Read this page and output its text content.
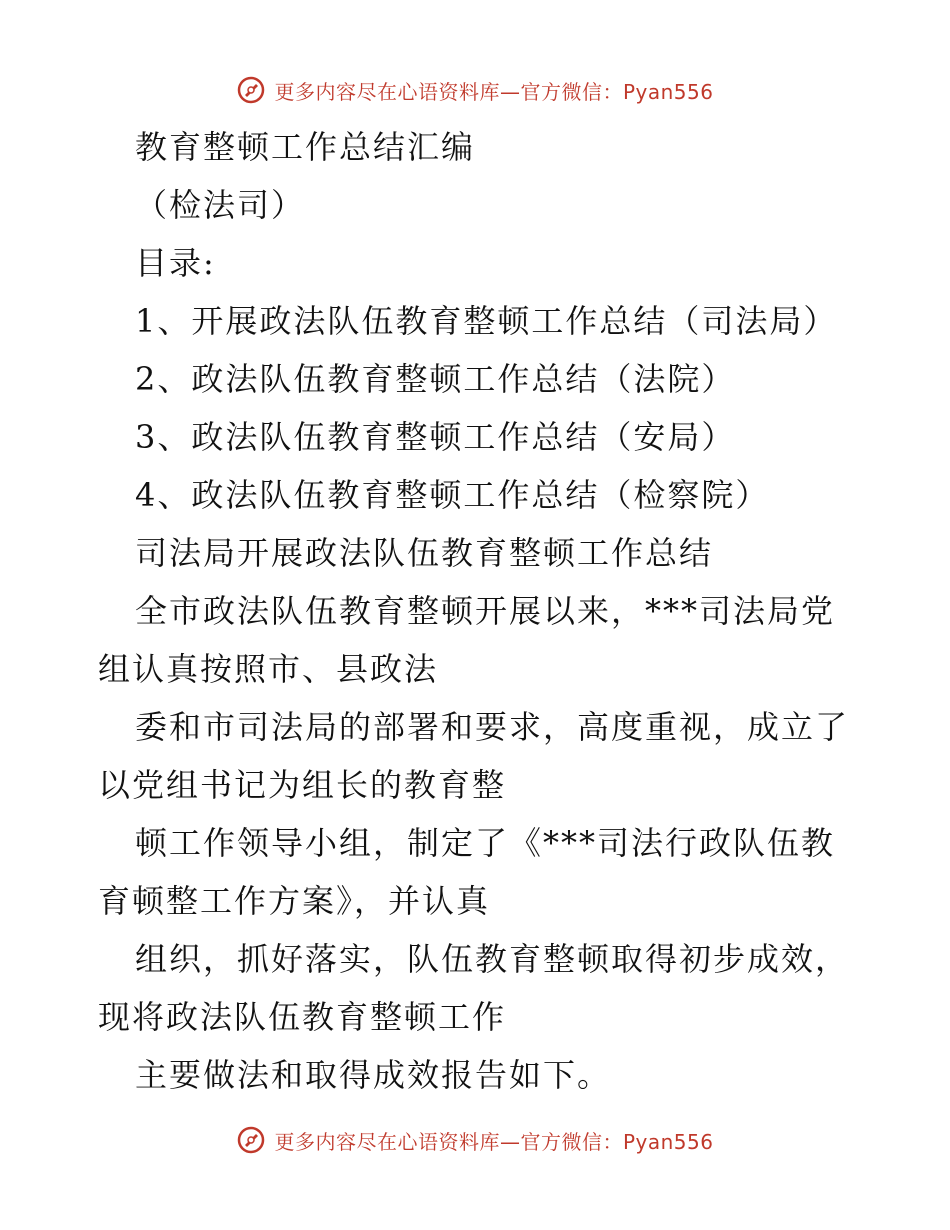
更多内容尽在心语资料库—官方微信：Pyan556

教育整顿工作总结汇编

（检法司）

目录:

1、开展政法队伍教育整顿工作总结（司法局）

2、政法队伍教育整顿工作总结（法院）

3、政法队伍教育整顿工作总结（安局）

4、政法队伍教育整顿工作总结（检察院）

司法局开展政法队伍教育整顿工作总结

全市政法队伍教育整顿开展以来，***司法局党

组认真按照市、县政法

委和市司法局的部署和要求，高度重视，成立了

以党组书记为组长的教育整

顿工作领导小组，制定了《***司法行政队伍教

育顿整工作方案》，并认真

组织，抓好落实，队伍教育整顿取得初步成效，

现将政法队伍教育整顿工作

主要做法和取得成效报告如下。

更多内容尽在心语资料库—官方微信：Pyan556
